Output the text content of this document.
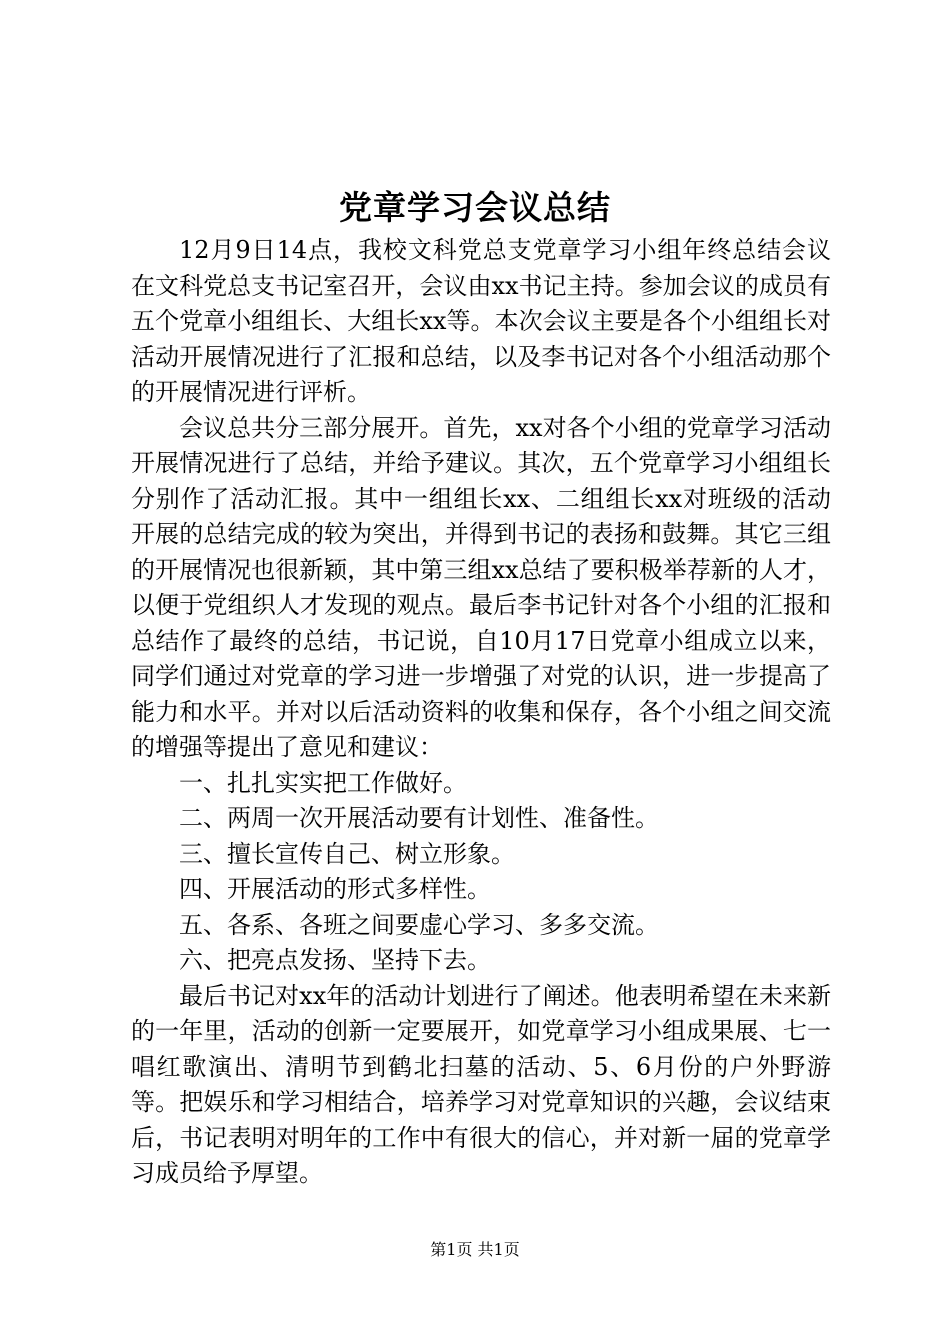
党章学习会议总结

12月9日14点，我校文科党总支党章学习小组年终总结会议在文科党总支书记室召开，会议由xx书记主持。参加会议的成员有五个党章小组组长、大组长xx等。本次会议主要是各个小组组长对活动开展情况进行了汇报和总结，以及李书记对各个小组活动那个的开展情况进行评析。

会议总共分三部分展开。首先，xx对各个小组的党章学习活动开展情况进行了总结，并给予建议。其次，五个党章学习小组组长分别作了活动汇报。其中一组组长xx、二组组长xx对班级的活动开展的总结完成的较为突出，并得到书记的表扬和鼓舞。其它三组的开展情况也很新颖，其中第三组xx总结了要积极举荐新的人才，以便于党组织人才发现的观点。最后李书记针对各个小组的汇报和总结作了最终的总结，书记说，自10月17日党章小组成立以来，同学们通过对党章的学习进一步增强了对党的认识，进一步提高了能力和水平。并对以后活动资料的收集和保存，各个小组之间交流的增强等提出了意见和建议：

一、扎扎实实把工作做好。

二、两周一次开展活动要有计划性、准备性。

三、擅长宣传自己、树立形象。

四、开展活动的形式多样性。

五、各系、各班之间要虚心学习、多多交流。

六、把亮点发扬、坚持下去。

最后书记对xx年的活动计划进行了阐述。他表明希望在未来新的一年里，活动的创新一定要展开，如党章学习小组成果展、七一唱红歌演出、清明节到鹤北扫墓的活动、5、6月份的户外野游等。把娱乐和学习相结合，培养学习对党章知识的兴趣，会议结束后，书记表明对明年的工作中有很大的信心，并对新一届的党章学习成员给予厚望。

第1页 共1页
